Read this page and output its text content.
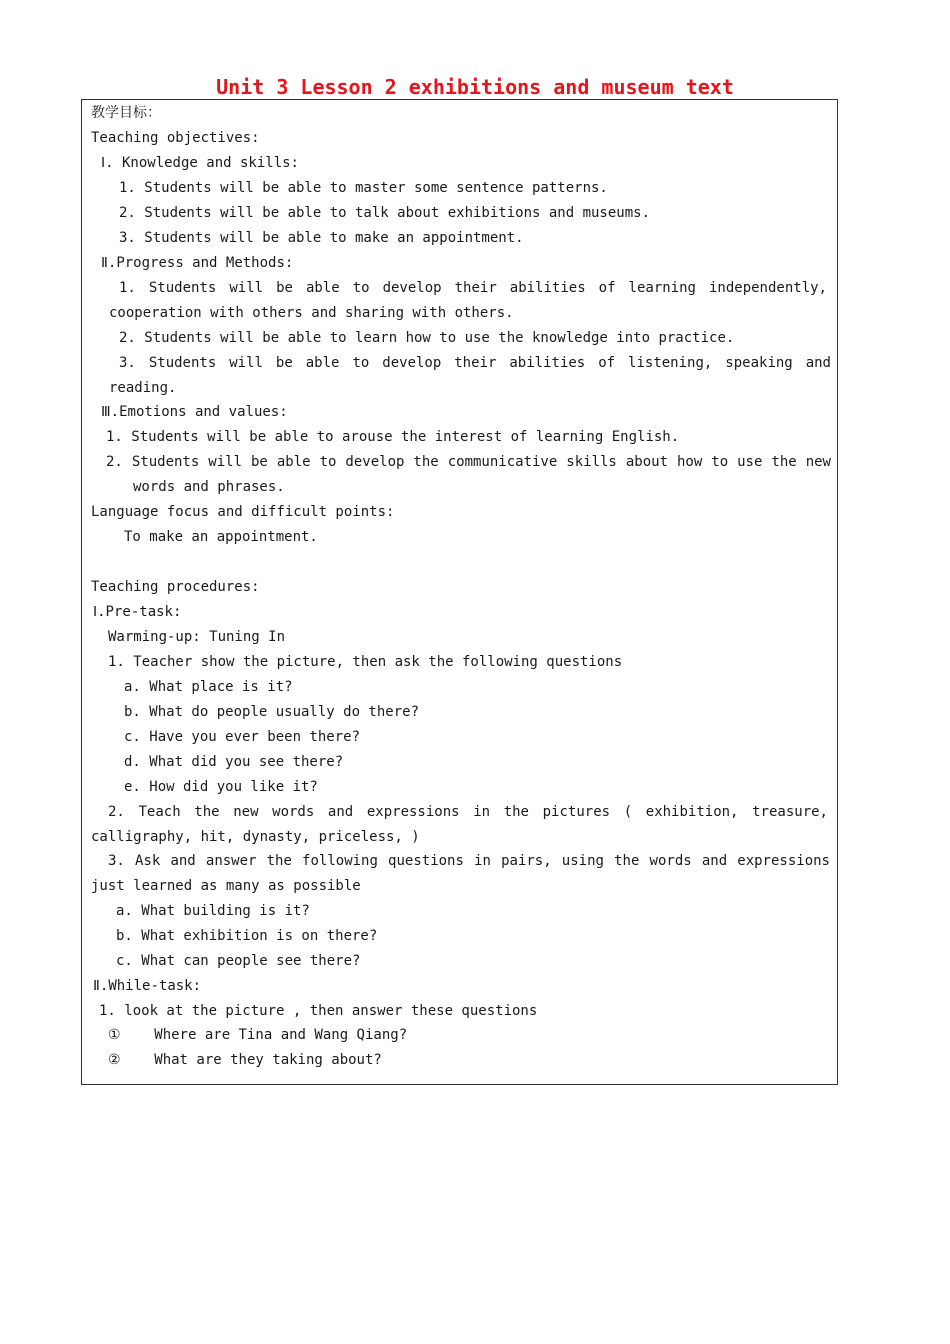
Unit 3 Lesson 2 exhibitions and museum text
教学目标：
Teaching objectives:
Ⅰ. Knowledge and skills:
1. Students will be able to master some sentence patterns.
2. Students will be able to talk about exhibitions and museums.
3. Students will be able to make an appointment.
Ⅱ.Progress and Methods:
1. Students will be able to develop their abilities of learning independently,
cooperation with others and sharing with others.
2. Students will be able to learn how to use the knowledge into practice.
3. Students will be able to develop their abilities of listening, speaking and
reading.
Ⅲ.Emotions and values:
1. Students will be able to arouse the interest of learning English.
2. Students will be able to develop the communicative skills about how to use the new
words and phrases.
Language focus and difficult points:
To make an appointment.
Teaching procedures:
Ⅰ.Pre-task:
Warming-up: Tuning In
1. Teacher show the picture, then ask the following questions
a. What place is it?
b. What do people usually do there?
c. Have you ever been there?
d. What did you see there?
e. How did you like it?
2. Teach the new words and expressions in the pictures ( exhibition, treasure,
calligraphy, hit, dynasty, priceless, )
3. Ask and answer the following questions in pairs, using the words and expressions
just learned as many as possible
a. What building is it?
b. What exhibition is on there?
c. What can people see there?
Ⅱ.While-task:
1. look at the picture , then answer these questions
①    Where are Tina and Wang Qiang?
②    What are they taking about?
